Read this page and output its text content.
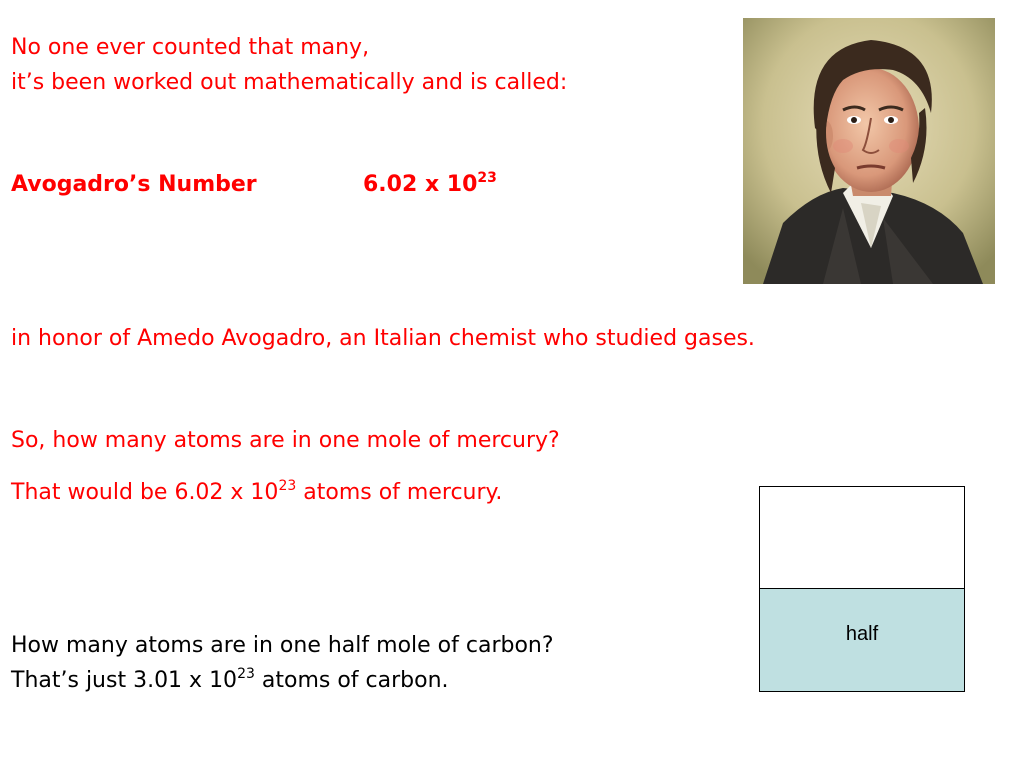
No one ever counted that many,
it’s been worked out mathematically and is called:
Avogadro’s Number	6.02 x $10^{23}$
in honor of Amedo Avogadro, an Italian chemist who studied gases.
So, how many atoms are in one mole of mercury?
That would be 6.02 x $10^{23}$ atoms of mercury.
How many atoms are in one half mole of carbon?
That’s just 3.01 x $10^{23}$ atoms of carbon.
half
